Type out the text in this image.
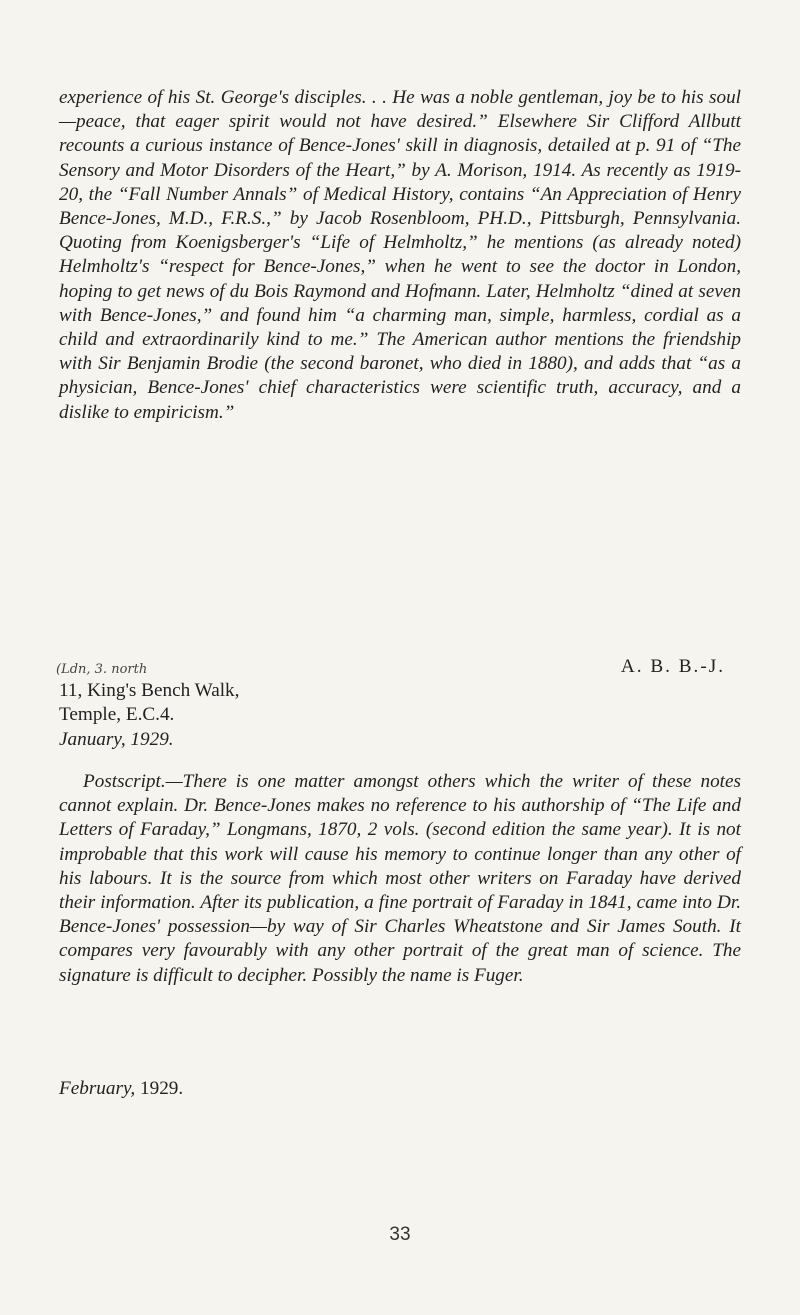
experience of his St. George's disciples. . . He was a noble gentleman, joy be to his soul—peace, that eager spirit would not have desired.” Elsewhere Sir Clifford Allbutt recounts a curious instance of Bence-Jones' skill in diagnosis, detailed at p. 91 of “The Sensory and Motor Disorders of the Heart,” by A. Morison, 1914. As recently as 1919-20, the “Fall Number Annals” of Medical History, contains “An Appreciation of Henry Bence-Jones, M.D., F.R.S.,” by Jacob Rosenbloom, PH.D., Pittsburgh, Pennsylvania. Quoting from Koenigsberger's “Life of Helmholtz,” he mentions (as already noted) Helmholtz's “respect for Bence-Jones,” when he went to see the doctor in London, hoping to get news of du Bois Raymond and Hofmann. Later, Helmholtz “dined at seven with Bence-Jones,” and found him “a charming man, simple, harmless, cordial as a child and extraordinarily kind to me.” The American author mentions the friendship with Sir Benjamin Brodie (the second baronet, who died in 1880), and adds that “as a physician, Bence-Jones' chief characteristics were scientific truth, accuracy, and a dislike to empiricism.”

(Ldn, 3. north	A. B. B.-J.

11, King's Bench Walk,

Temple, E.C.4.

January, 1929.

Postscript.—There is one matter amongst others which the writer of these notes cannot explain. Dr. Bence-Jones makes no reference to his authorship of “The Life and Letters of Faraday,” Longmans, 1870, 2 vols. (second edition the same year). It is not improbable that this work will cause his memory to continue longer than any other of his labours. It is the source from which most other writers on Faraday have derived their information. After its publication, a fine portrait of Faraday in 1841, came into Dr. Bence-Jones' possession—by way of Sir Charles Wheatstone and Sir James South. It compares very favourably with any other portrait of the great man of science. The signature is difficult to decipher. Possibly the name is Fuger.

February, 1929.

33
